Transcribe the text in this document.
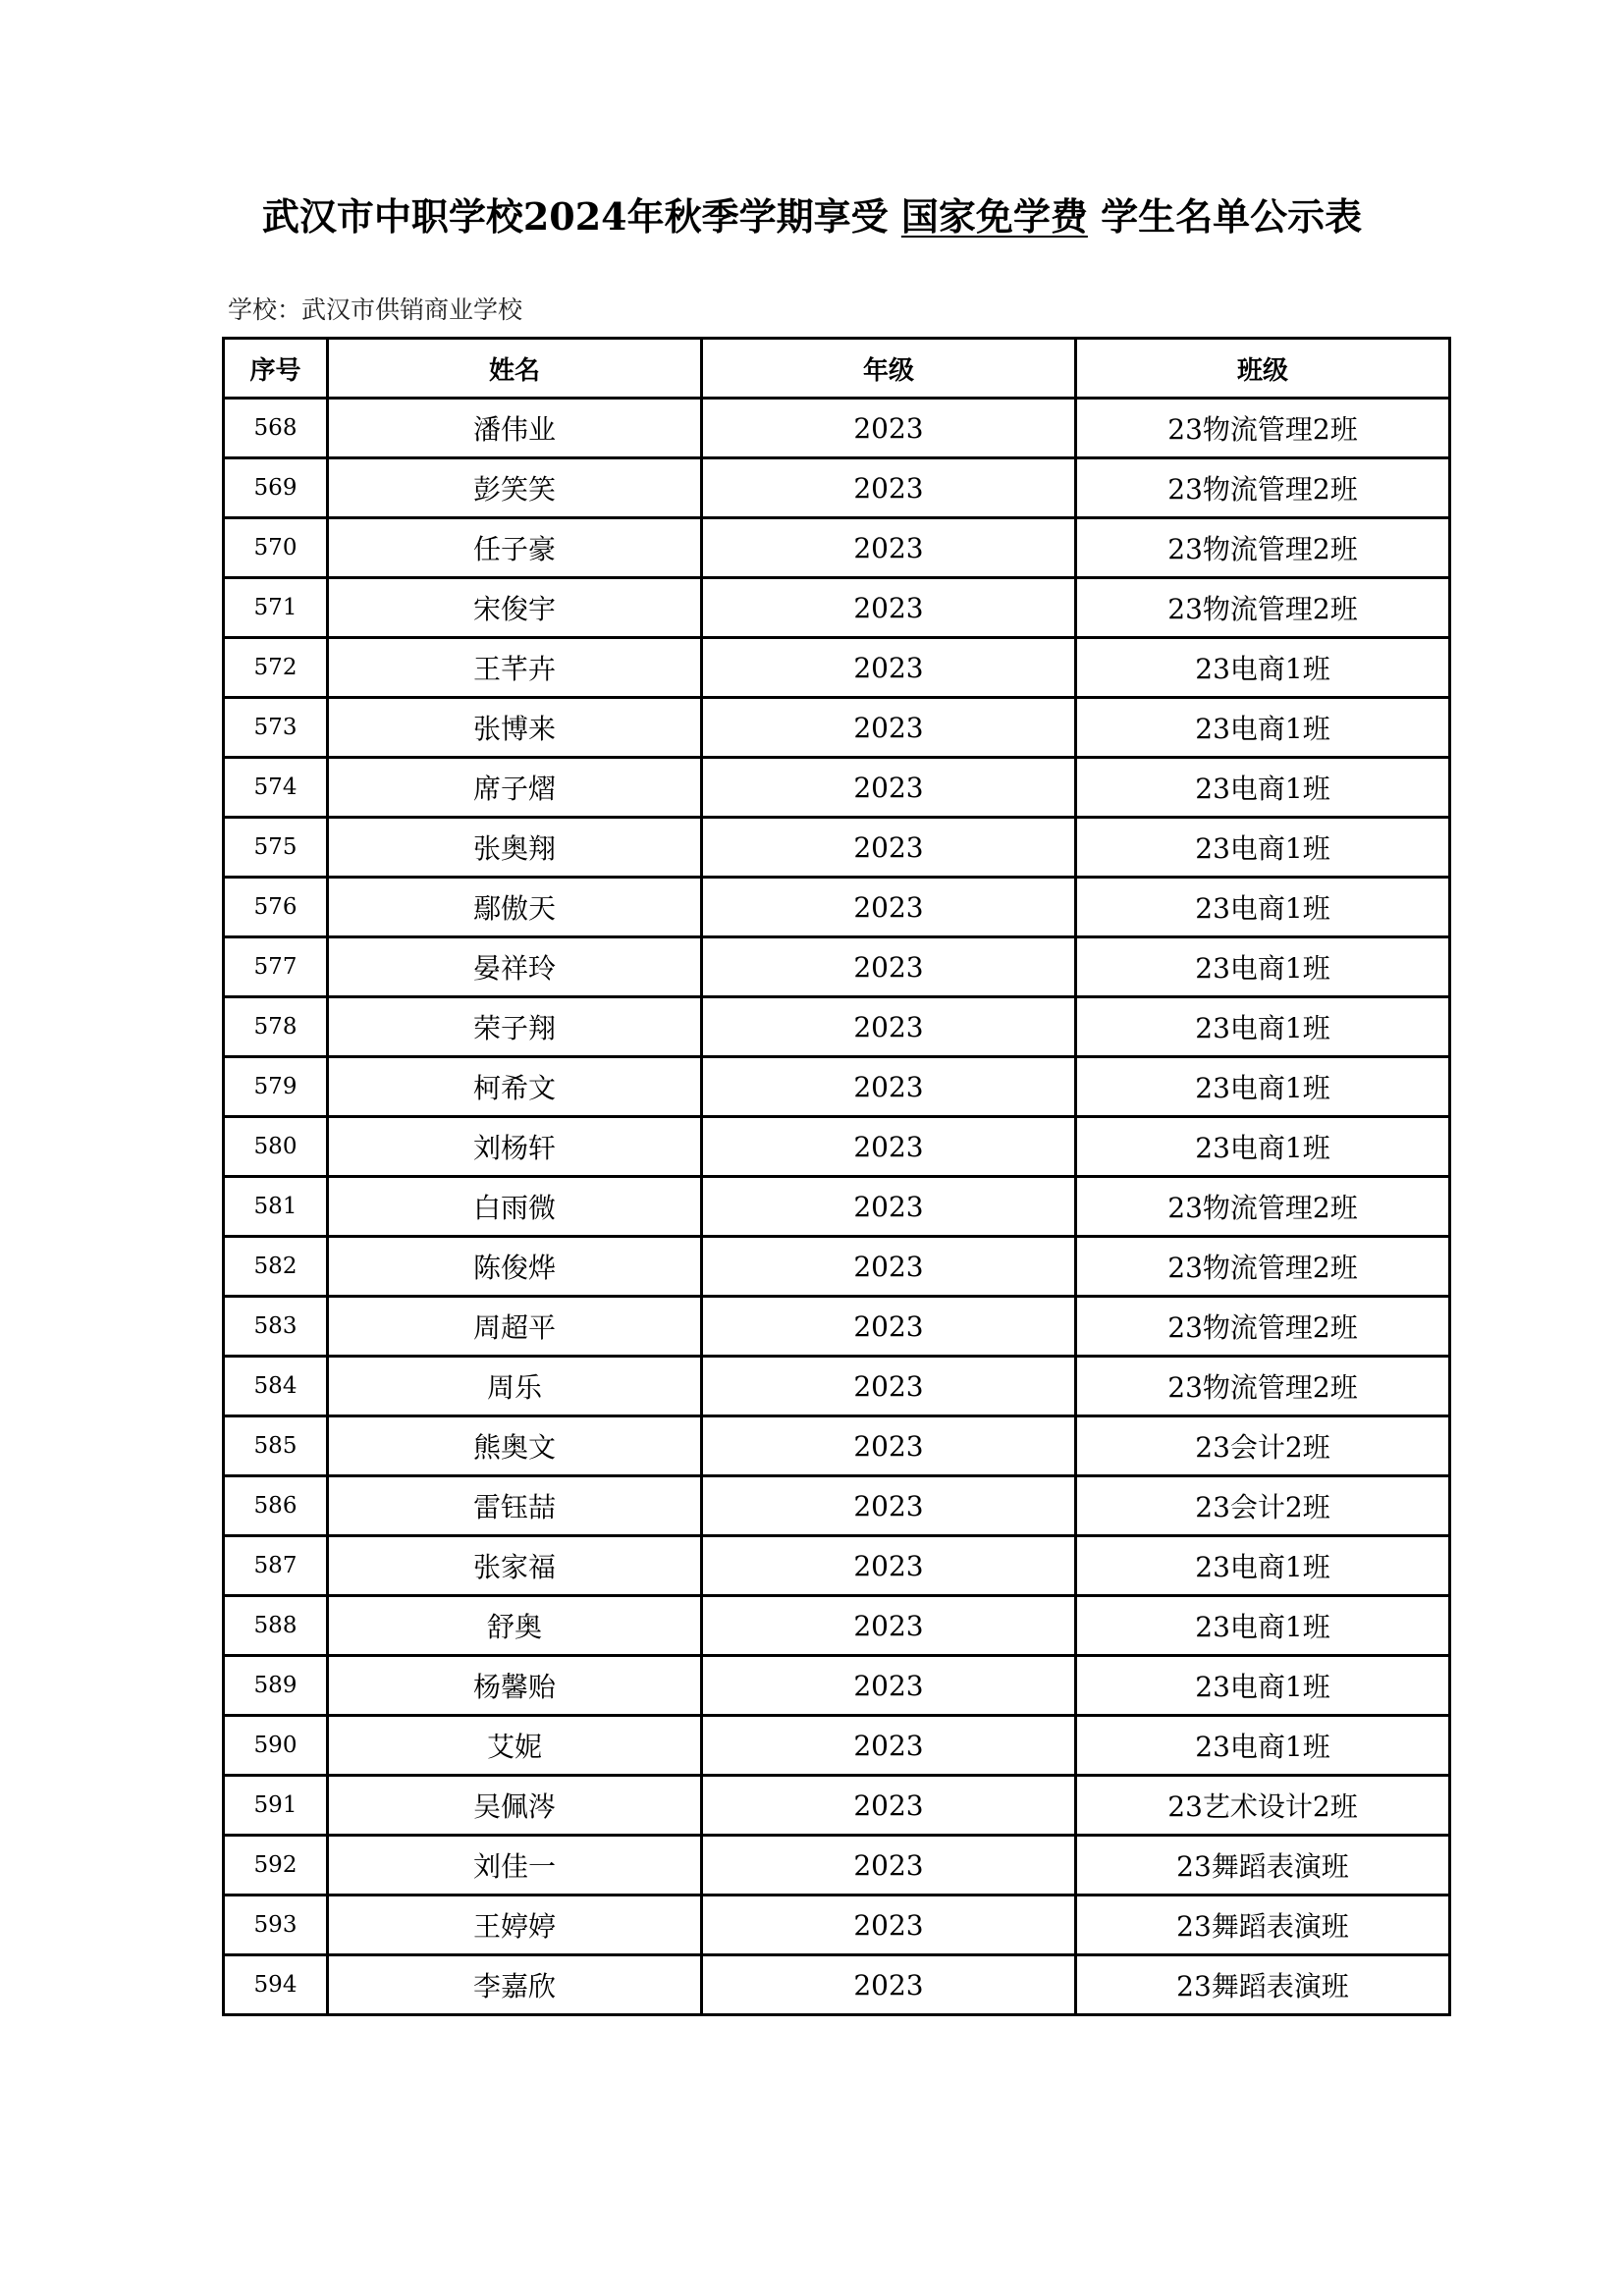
武汉市中职学校2024年秋季学期享受 国家免学费 学生名单公示表
学校：武汉市供销商业学校
序号	姓名	年级	班级
568	潘伟业	2023	23物流管理2班
569	彭笑笑	2023	23物流管理2班
570	任子豪	2023	23物流管理2班
571	宋俊宇	2023	23物流管理2班
572	王芊卉	2023	23电商1班
573	张博来	2023	23电商1班
574	席子熠	2023	23电商1班
575	张奥翔	2023	23电商1班
576	鄢傲天	2023	23电商1班
577	晏祥玲	2023	23电商1班
578	荣子翔	2023	23电商1班
579	柯希文	2023	23电商1班
580	刘杨轩	2023	23电商1班
581	白雨微	2023	23物流管理2班
582	陈俊烨	2023	23物流管理2班
583	周超平	2023	23物流管理2班
584	周乐	2023	23物流管理2班
585	熊奥文	2023	23会计2班
586	雷钰喆	2023	23会计2班
587	张家福	2023	23电商1班
588	舒奥	2023	23电商1班
589	杨馨贻	2023	23电商1班
590	艾妮	2023	23电商1班
591	吴佩涔	2023	23艺术设计2班
592	刘佳一	2023	23舞蹈表演班
593	王婷婷	2023	23舞蹈表演班
594	李嘉欣	2023	23舞蹈表演班
